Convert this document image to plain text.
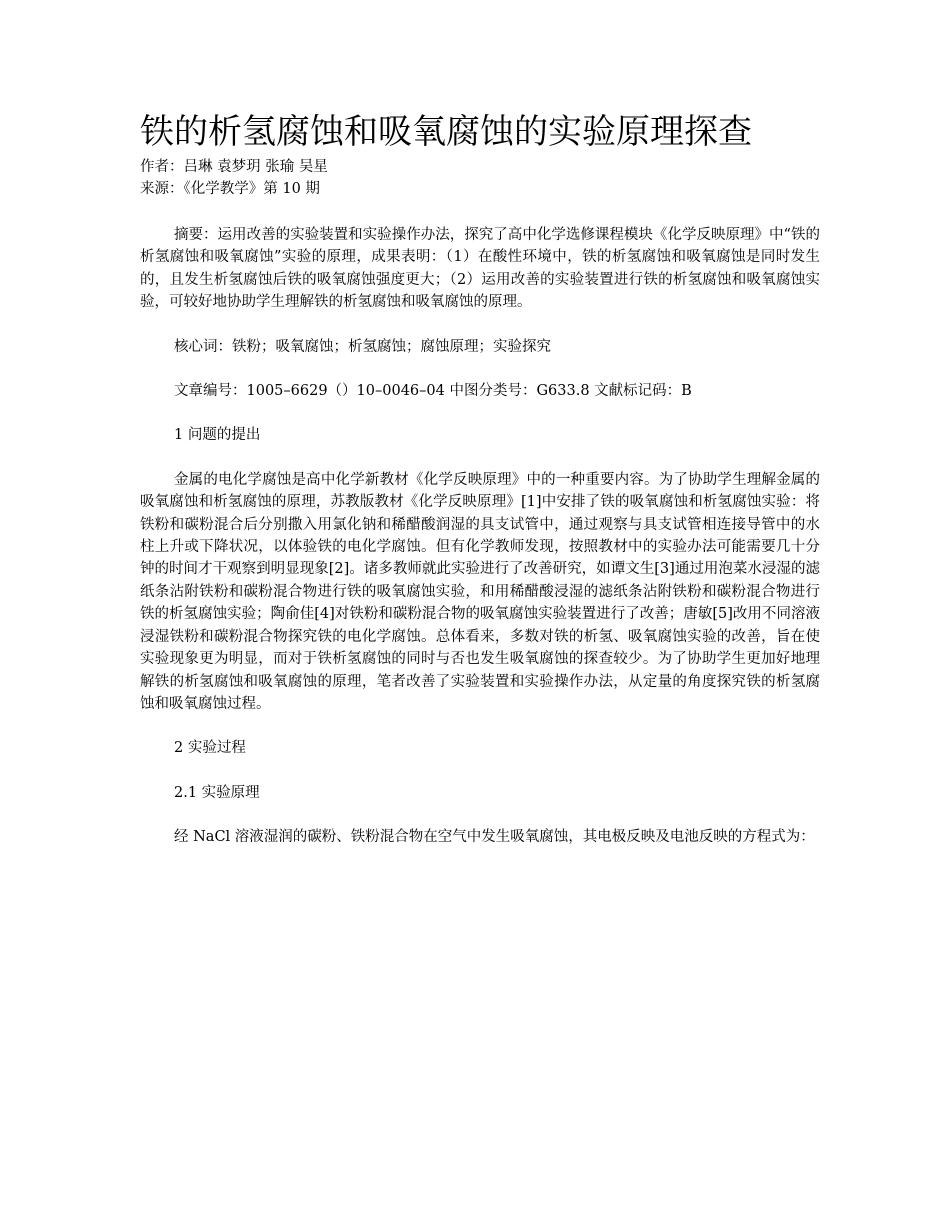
铁的析氢腐蚀和吸氧腐蚀的实验原理探查

作者：吕琳 袁梦玥 张瑜 吴星

来源：《化学教学》第 10 期

摘要：运用改善的实验装置和实验操作办法，探究了高中化学选修课程模块《化学反映原理》中“铁的析氢腐蚀和吸氧腐蚀”实验的原理，成果表明：（1）在酸性环境中，铁的析氢腐蚀和吸氧腐蚀是同时发生的，且发生析氢腐蚀后铁的吸氧腐蚀强度更大；（2）运用改善的实验装置进行铁的析氢腐蚀和吸氧腐蚀实验，可较好地协助学生理解铁的析氢腐蚀和吸氧腐蚀的原理。

核心词：铁粉；吸氧腐蚀；析氢腐蚀；腐蚀原理；实验探究

文章编号：1005–6629（）10–0046–04 中图分类号：G633.8 文献标记码：B

1 问题的提出

金属的电化学腐蚀是高中化学新教材《化学反映原理》中的一种重要内容。为了协助学生理解金属的吸氧腐蚀和析氢腐蚀的原理，苏教版教材《化学反映原理》[1]中安排了铁的吸氧腐蚀和析氢腐蚀实验：将铁粉和碳粉混合后分别撒入用氯化钠和稀醋酸润湿的具支试管中，通过观察与具支试管相连接导管中的水柱上升或下降状况，以体验铁的电化学腐蚀。但有化学教师发现，按照教材中的实验办法可能需要几十分钟的时间才干观察到明显现象[2]。诸多教师就此实验进行了改善研究，如谭文生[3]通过用泡菜水浸湿的滤纸条沾附铁粉和碳粉混合物进行铁的吸氧腐蚀实验，和用稀醋酸浸湿的滤纸条沾附铁粉和碳粉混合物进行铁的析氢腐蚀实验；陶俞佳[4]对铁粉和碳粉混合物的吸氧腐蚀实验装置进行了改善；唐敏[5]改用不同溶液浸湿铁粉和碳粉混合物探究铁的电化学腐蚀。总体看来，多数对铁的析氢、吸氧腐蚀实验的改善，旨在使实验现象更为明显，而对于铁析氢腐蚀的同时与否也发生吸氧腐蚀的探查较少。为了协助学生更加好地理解铁的析氢腐蚀和吸氧腐蚀的原理，笔者改善了实验装置和实验操作办法，从定量的角度探究铁的析氢腐蚀和吸氧腐蚀过程。

2 实验过程

2.1 实验原理

经 NaCl 溶液湿润的碳粉、铁粉混合物在空气中发生吸氧腐蚀，其电极反映及电池反映的方程式为：
